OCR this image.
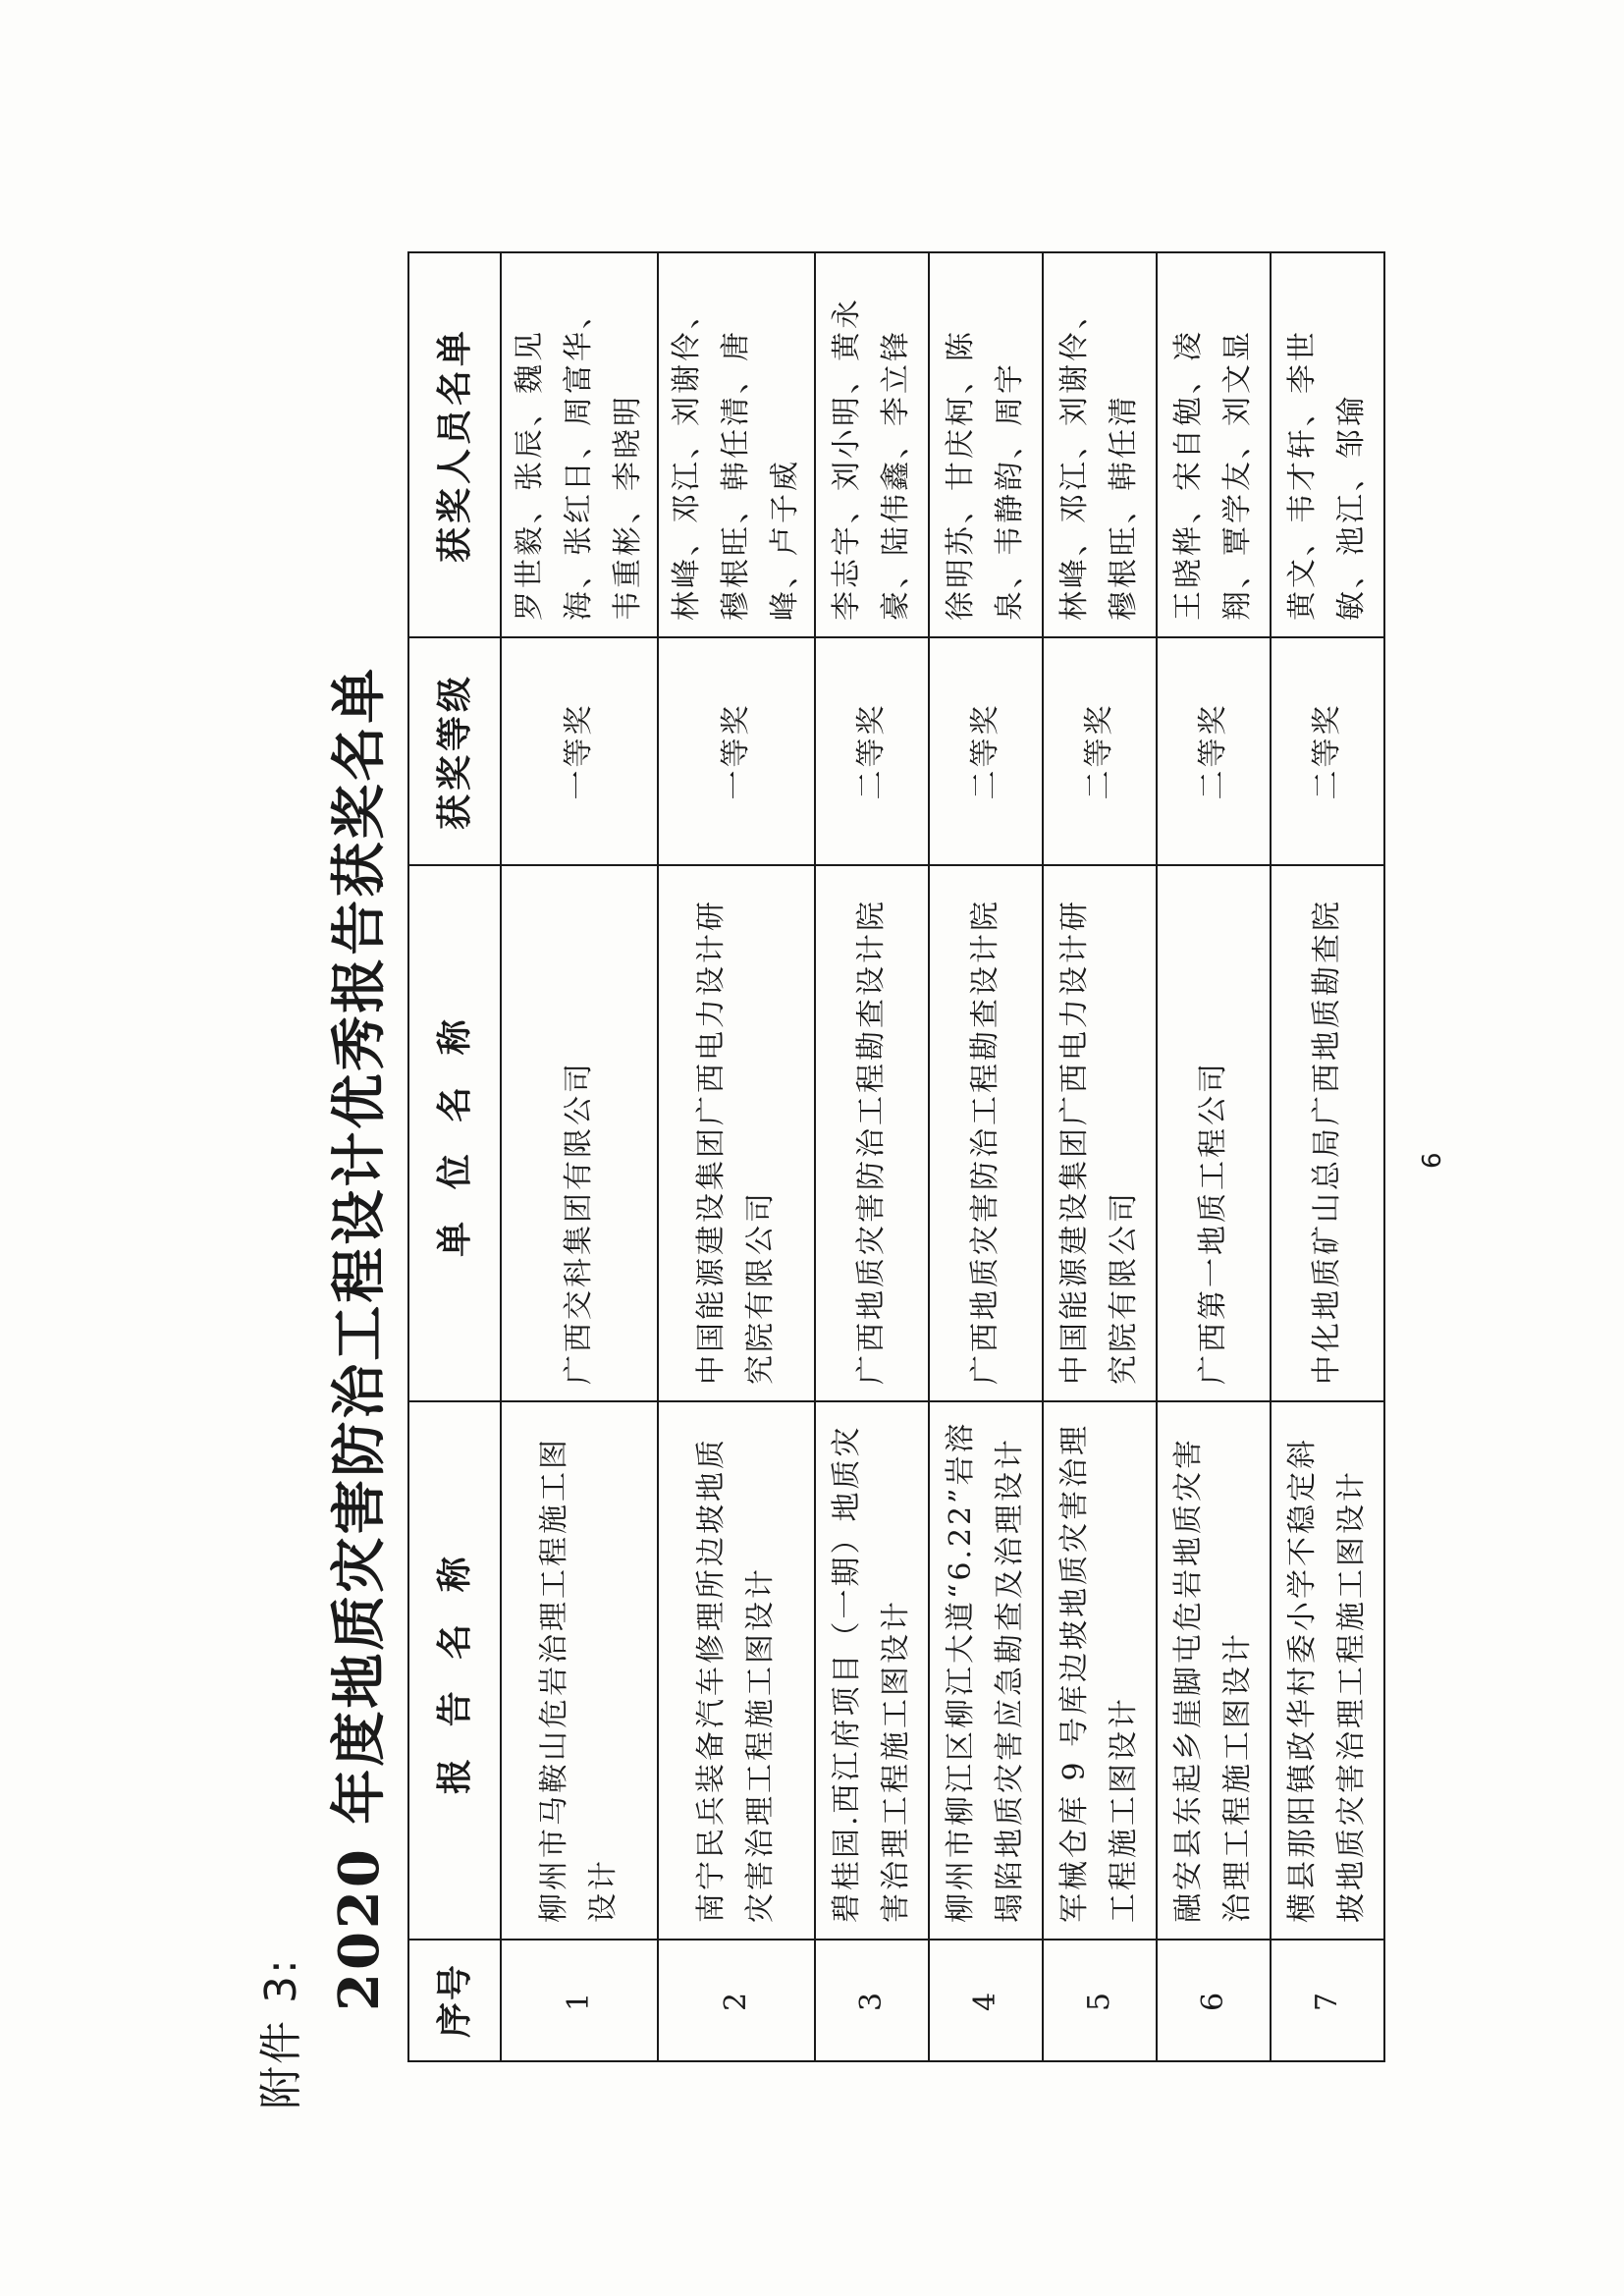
附件 3:
2020 年度地质灾害防治工程设计优秀报告获奖名单 序号	报 告 名 称	单 位 名 称	获奖等级	获奖人员名单
1	柳州市马鞍山危岩治理工程施工图设计	广西交科集团有限公司	一等奖	罗世毅、张辰、魏见海、张红日、周富华、韦重彬、李晓明
2	南宁民兵装备汽车修理所边坡地质灾害治理工程施工图设计	中国能源建设集团广西电力设计研究院有限公司	一等奖	林峰、邓江、刘谢伶、穆根旺、韩任清、唐峰、卢子威
3	碧桂园.西江府项目（一期）地质灾害治理工程施工图设计	广西地质灾害防治工程勘查设计院	二等奖	李志宇、刘小明、黄永豪、陆伟鑫、李立锋
4	柳州市柳江区柳江大道“6.22”岩溶塌陷地质灾害应急勘查及治理设计	广西地质灾害防治工程勘查设计院	二等奖	徐明苏、甘庆柯、陈泉、韦静韵、周宇
5	军械仓库 9 号库边坡地质灾害治理工程施工图设计	中国能源建设集团广西电力设计研究院有限公司	二等奖	林峰、邓江、刘谢伶、穆根旺、韩任清
6	融安县东起乡崖脚屯危岩地质灾害治理工程施工图设计	广西第一地质工程公司	二等奖	王晓桦、宋自勉、凌翔、覃学友、刘文显
7	横县那阳镇政华村委小学不稳定斜坡地质灾害治理工程施工图设计	中化地质矿山总局广西地质勘查院	二等奖	黄文、韦才轩、李世敏、池江、邹瑜
6
